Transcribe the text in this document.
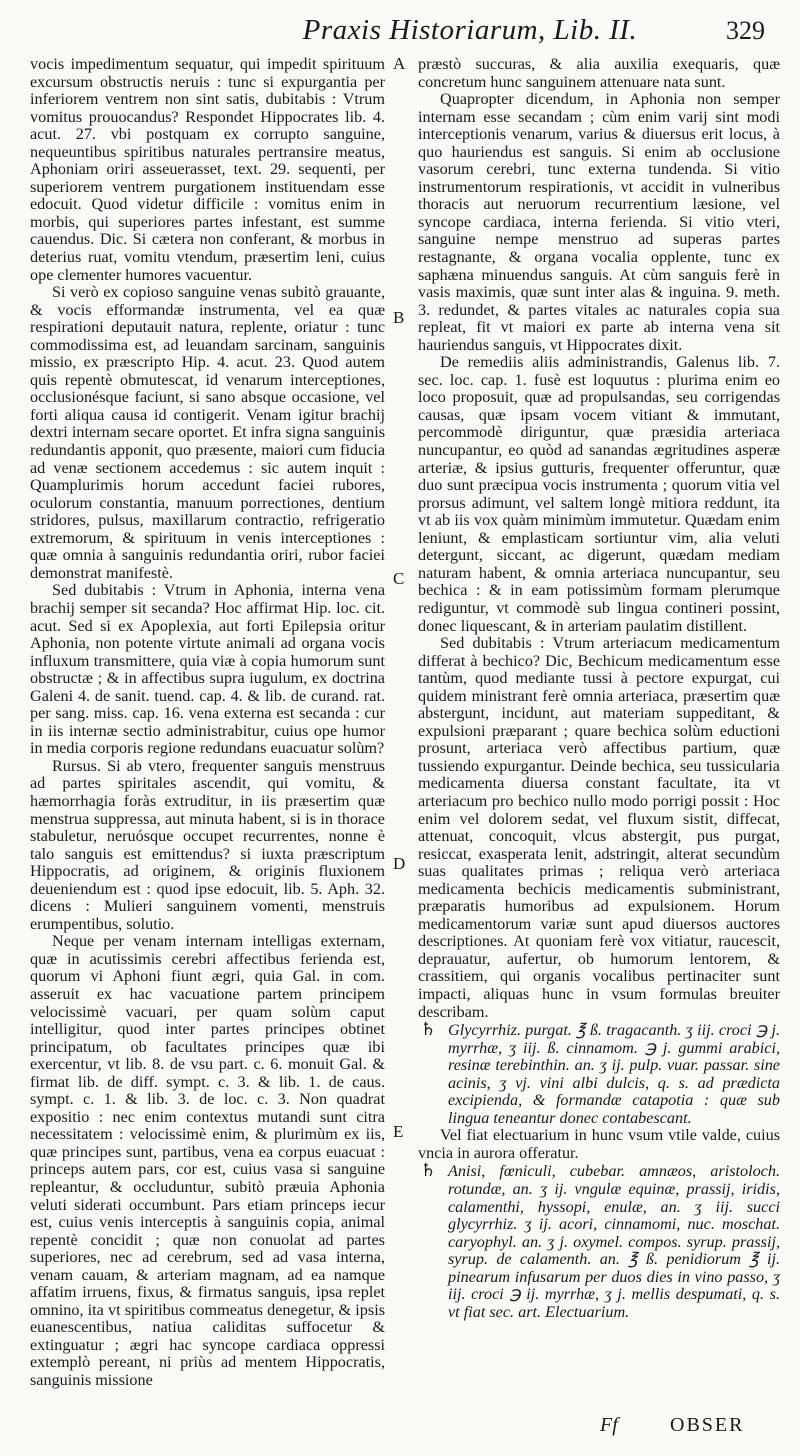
Praxis Historiarum, Lib. II.	329

vocis impedimentum sequatur, qui impedit spirituum excursum obstructis neruis : tunc si expurgantia per inferiorem ventrem non sint satis, dubitabis : Vtrum vomitus prouocandus? Respondet Hippocrates lib. 4. acut. 27. vbi postquam ex corrupto sanguine, nequeuntibus spiritibus naturales pertransire meatus, Aphoniam oriri asseuerasset, text. 29. sequenti, per superiorem ventrem purgationem instituendam esse edocuit. Quod videtur difficile : vomitus enim in morbis, qui superiores partes infestant, est summe cauendus. Dic. Si cætera non conferant, & morbus in deterius ruat, vomitu vtendum, præsertim leni, cuius ope clementer humores vacuentur.

Si verò ex copioso sanguine venas subitò grauante, & vocis efformandæ instrumenta, vel ea quæ respirationi deputauit natura, replente, oriatur : tunc commodissima est, ad leuandam sarcinam, sanguinis missio, ex præscripto Hip. 4. acut. 23. Quod autem quis repentè obmutescat, id venarum interceptiones, occlusionésque faciunt, si sano absque occasione, vel forti aliqua causa id contigerit. Venam igitur brachij dextri internam secare oportet. Et infra signa sanguinis redundantis apponit, quo præsente, maiori cum fiducia ad venæ sectionem accedemus : sic autem inquit : Quamplurimis horum accedunt faciei rubores, oculorum constantia, manuum porrectiones, dentium stridores, pulsus, maxillarum contractio, refrigeratio extremorum, & spirituum in venis interceptiones : quæ omnia à sanguinis redundantia oriri, rubor faciei demonstrat manifestè.

Sed dubitabis : Vtrum in Aphonia, interna vena brachij semper sit secanda? Hoc affirmat Hip. loc. cit. acut. Sed si ex Apoplexia, aut forti Epilepsia oritur Aphonia, non potente virtute animali ad organa vocis influxum transmittere, quia viæ à copia humorum sunt obstructæ ; & in affectibus supra iugulum, ex doctrina Galeni 4. de sanit. tuend. cap. 4. & lib. de curand. rat. per sang. miss. cap. 16. vena externa est secanda : cur in iis internæ sectio administrabitur, cuius ope humor in media corporis regione redundans euacuatur solùm?

Rursus. Si ab vtero, frequenter sanguis menstruus ad partes spiritales ascendit, qui vomitu, & hæmorrhagia foràs extruditur, in iis præsertim quæ menstrua suppressa, aut minuta habent, si is in thorace stabuletur, neruósque occupet recurrentes, nonne è talo sanguis est emittendus? si iuxta præscriptum Hippocratis, ad originem, & originis fluxionem deueniendum est : quod ipse edocuit, lib. 5. Aph. 32. dicens : Mulieri sanguinem vomenti, menstruis erumpentibus, solutio.

Neque per venam internam intelligas externam, quæ in acutissimis cerebri affectibus ferienda est, quorum vi Aphoni fiunt ægri, quia Gal. in com. asseruit ex hac vacuatione partem principem velocissimè vacuari, per quam solùm caput intelligitur, quod inter partes principes obtinet principatum, ob facultates principes quæ ibi exercentur, vt lib. 8. de vsu part. c. 6. monuit Gal. & firmat lib. de diff. sympt. c. 3. & lib. 1. de caus. sympt. c. 1. & lib. 3. de loc. c. 3. Non quadrat expositio : nec enim contextus mutandi sunt citra necessitatem : velocissimè enim, & plurimùm ex iis, quæ principes sunt, partibus, vena ea corpus euacuat : princeps autem pars, cor est, cuius vasa si sanguine repleantur, & occluduntur, subitò præuia Aphonia veluti siderati occumbunt. Pars etiam princeps iecur est, cuius venis interceptis à sanguinis copia, animal repentè concidit ; quæ non conuolat ad partes superiores, nec ad cerebrum, sed ad vasa interna, venam cauam, & arteriam magnam, ad ea namque affatim irruens, fixus, & firmatus sanguis, ipsa replet omnino, ita vt spiritibus commeatus denegetur, & ipsis euanescentibus, natiua caliditas suffocetur & extinguatur ; ægri hac syncope cardiaca oppressi extemplò pereant, ni priùs ad mentem Hippocratis, sanguinis missione

A
B
C
D
E

præstò succuras, & alia auxilia exequaris, quæ concretum hunc sanguinem attenuare nata sunt.

Quapropter dicendum, in Aphonia non semper internam esse secandam ; cùm enim varij sint modi interceptionis venarum, varius & diuersus erit locus, à quo hauriendus est sanguis. Si enim ab occlusione vasorum cerebri, tunc externa tundenda. Si vitio instrumentorum respirationis, vt accidit in vulneribus thoracis aut neruorum recurrentium læsione, vel syncope cardiaca, interna ferienda. Si vitio vteri, sanguine nempe menstruo ad superas partes restagnante, & organa vocalia opplente, tunc ex saphæna minuendus sanguis. At cùm sanguis ferè in vasis maximis, quæ sunt inter alas & inguina. 9. meth. 3. redundet, & partes vitales ac naturales copia sua repleat, fit vt maiori ex parte ab interna vena sit hauriendus sanguis, vt Hippocrates dixit.

De remediis aliis administrandis, Galenus lib. 7. sec. loc. cap. 1. fusè est loquutus : plurima enim eo loco proposuit, quæ ad propulsandas, seu corrigendas causas, quæ ipsam vocem vitiant & immutant, percommodè diriguntur, quæ præsidia arteriaca nuncupantur, eo quòd ad sanandas ægritudines asperæ arteriæ, & ipsius gutturis, frequenter offeruntur, quæ duo sunt præcipua vocis instrumenta ; quorum vitia vel prorsus adimunt, vel saltem longè mitiora reddunt, ita vt ab iis vox quàm minimùm immutetur. Quædam enim leniunt, & emplasticam sortiuntur vim, alia veluti detergunt, siccant, ac digerunt, quædam mediam naturam habent, & omnia arteriaca nuncupantur, seu bechica : & in eam potissimùm formam plerumque rediguntur, vt commodè sub lingua contineri possint, donec liquescant, & in arteriam paulatim distillent.

Sed dubitabis : Vtrum arteriacum medicamentum differat à bechico? Dic, Bechicum medicamentum esse tantùm, quod mediante tussi à pectore expurgat, cui quidem ministrant ferè omnia arteriaca, præsertim quæ abstergunt, incidunt, aut materiam suppeditant, & expulsioni præparant ; quare bechica solùm eductioni prosunt, arteriaca verò affectibus partium, quæ tussiendo expurgantur. Deinde bechica, seu tussicularia medicamenta diuersa constant facultate, ita vt arteriacum pro bechico nullo modo porrigi possit : Hoc enim vel dolorem sedat, vel fluxum sistit, diffecat, attenuat, concoquit, vlcus abstergit, pus purgat, resiccat, exasperata lenit, adstringit, alterat secundùm suas qualitates primas ; reliqua verò arteriaca medicamenta bechicis medicamentis subministrant, præparatis humoribus ad expulsionem. Horum medicamentorum variæ sunt apud diuersos auctores descriptiones. At quoniam ferè vox vitiatur, raucescit, deprauatur, aufertur, ob humorum lentorem, & crassitiem, qui organis vocalibus pertinaciter sunt impacti, aliquas hunc in vsum formulas breuiter describam.

♄ Glycyrrhiz. purgat. ℥ ß. tragacanth. ʒ iij. croci ℈ j. myrrhæ, ʒ iij. ß. cinnamom. ℈ j. gummi arabici, resinæ terebinthin. an. ʒ ij. pulp. vuar. passar. sine acinis, ʒ vj. vini albi dulcis, q. s. ad prædicta excipienda, & formandæ catapotia : quæ sub lingua teneantur donec contabescant.

Vel fiat electuarium in hunc vsum vtile valde, cuius vncia in aurora offeratur.

♄ Anisi, fœniculi, cubebar. amnæos, aristoloch. rotundæ, an. ʒ ij. vngulæ equinæ, prassij, iridis, calamenthi, hyssopi, enulæ, an. ʒ iij. succi glycyrrhiz. ʒ ij. acori, cinnamomi, nuc. moschat. caryophyl. an. ʒ j. oxymel. compos. syrup. prassij, syrup. de calamenth. an. ℥ ß. penidiorum ℥ ij. pinearum infusarum per duos dies in vino passo, ʒ iij. croci ℈ ij. myrrhæ, ʒ j. mellis despumati, q. s. vt fiat sec. art. Electuarium.

Ff	OBSER
